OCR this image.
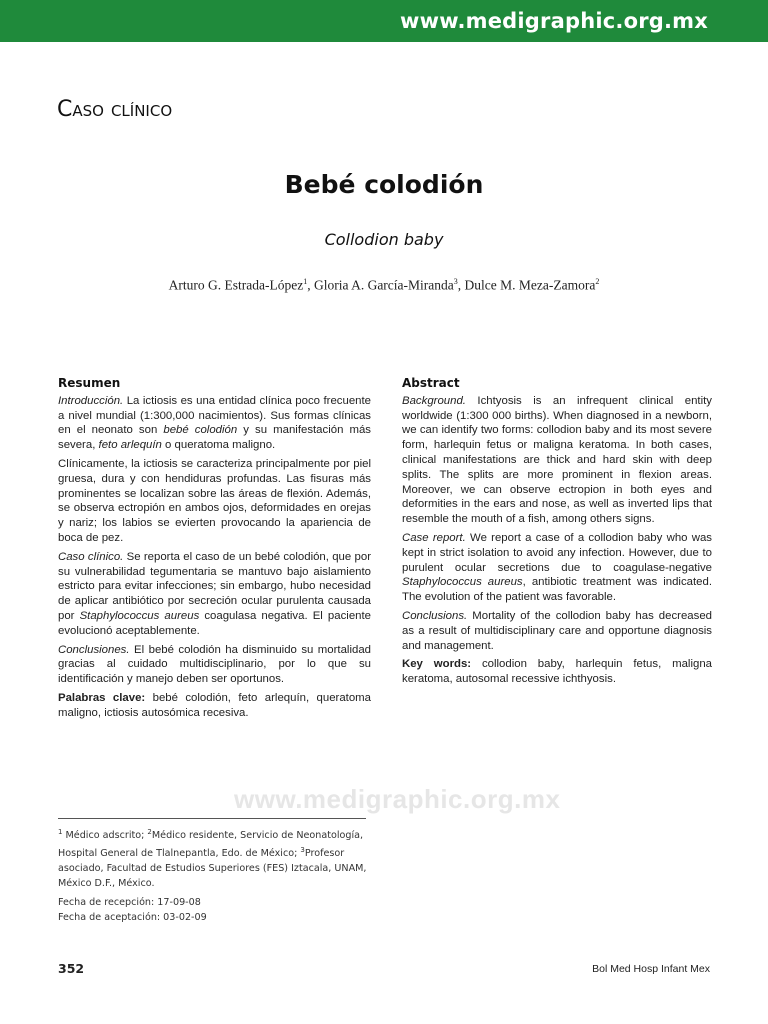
www.medigraphic.org.mx
Caso clínico
Bebé colodión
Collodion baby
Arturo G. Estrada-López$^1$, Gloria A. García-Miranda$^3$, Dulce M. Meza-Zamora$^2$
Resumen

Introducción. La ictiosis es una entidad clínica poco frecuente a nivel mundial (1:300,000 nacimientos). Sus formas clínicas en el neonato son bebé colodión y su manifestación más severa, feto arlequín o queratoma maligno.

Clínicamente, la ictiosis se caracteriza principalmente por piel gruesa, dura y con hendiduras profundas. Las fisuras más prominentes se localizan sobre las áreas de flexión. Además, se observa ectropión en ambos ojos, deformidades en orejas y nariz; los labios se evierten provocando la apariencia de boca de pez.

Caso clínico. Se reporta el caso de un bebé colodión, que por su vulnerabilidad tegumentaria se mantuvo bajo aislamiento estricto para evitar infecciones; sin embargo, hubo necesidad de aplicar antibiótico por secreción ocular purulenta causada por Staphylococcus aureus coagulasa negativa. El paciente evolucionó aceptablemente.

Conclusiones. El bebé colodión ha disminuido su mortalidad gracias al cuidado multidisciplinario, por lo que su identificación y manejo deben ser oportunos.

Palabras clave: bebé colodión, feto arlequín, queratoma maligno, ictiosis autosómica recesiva.

Abstract

Background. Ichtyosis is an infrequent clinical entity worldwide (1:300 000 births). When diagnosed in a newborn, we can identify two forms: collodion baby and its most severe form, harlequin fetus or maligna keratoma. In both cases, clinical manifestations are thick and hard skin with deep splits. The splits are more prominent in flexion areas. Moreover, we can observe ectropion in both eyes and deformities in the ears and nose, as well as inverted lips that resemble the mouth of a fish, among others signs.

Case report. We report a case of a collodion baby who was kept in strict isolation to avoid any infection. However, due to purulent ocular secretions due to coagulase-negative Staphylococcus aureus, antibiotic treatment was indicated. The evolution of the patient was favorable.

Conclusions. Mortality of the collodion baby has decreased as a result of multidisciplinary care and opportune diagnosis and management.

Key words: collodion baby, harlequin fetus, maligna keratoma, autosomal recessive ichthyosis.

www.medigraphic.org.mx
$^1$ Médico adscrito; $^2$Médico residente, Servicio de Neonatología, Hospital General de Tlalnepantla, Edo. de México; $^3$Profesor asociado, Facultad de Estudios Superiores (FES) Iztacala, UNAM, México D.F., México.
Fecha de recepción: 17-09-08
Fecha de aceptación: 03-02-09
352	Bol Med Hosp Infant Mex
